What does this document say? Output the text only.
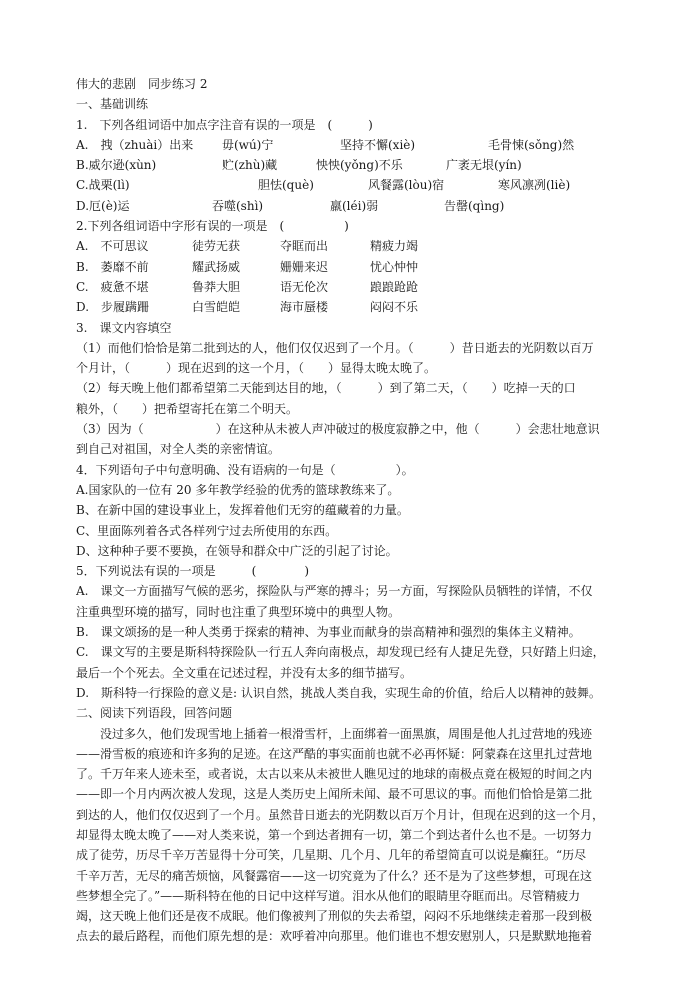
伟大的悲剧　同步练习 2
一、基础训练
1.　下列各组词语中加点字注音有误的一项是　(　　　)
A.　拽（zhuài）出来	毋(wú)宁	坚持不懈(xiè)	毛骨悚(sǒng)然
B.威尔逊(xùn)	贮(zhù)藏	怏怏(yǒng)不乐	广袤无垠(yín)
C.战栗(lì)	胆怯(què)	风餐露(lòu)宿	寒风凛冽(liè)
D.厄(è)运	吞噬(shì)	羸(léi)弱	告罄(qìng)
2.下列各组词语中字形有误的一项是　(　　　　　)
A.　不可思议	徒劳无获	夺眶而出	精疲力竭
B.　萎靡不前	耀武扬威	姗姗来迟	忧心忡忡
C.　疲惫不堪	鲁莽大胆	语无伦次	踉踉跄跄
D.　步履蹒跚	白雪皑皑	海市蜃楼	闷闷不乐
3.　课文内容填空
（1）而他们恰恰是第二批到达的人，他们仅仅迟到了一个月。（　　　）昔日逝去的光阴数以百万
个月计，（　　　）现在迟到的这一个月，（　　）显得太晚太晚了。
（2）每天晚上他们都希望第二天能到达目的地，（　　　）到了第二天，（　　）吃掉一天的口
粮外，（　　）把希望寄托在第二个明天。
（3）因为（　　　　　　）在这种从未被人声冲破过的极度寂静之中，他（　　　）会悲壮地意识
到自己对祖国，对全人类的亲密情谊。
4．下列语句子中句意明确、没有语病的一句是（　　　　　）。
A.国家队的一位有 20 多年教学经验的优秀的篮球教练来了。
B、在新中国的建设事业上，发挥着他们无穷的蕴藏着的力量。
C、里面陈列着各式各样列宁过去所使用的东西。
D、这种种子要不要换，在领导和群众中广泛的引起了讨论。
5．下列说法有误的一项是　　　(　　　　)
A.　课文一方面描写气候的恶劣，探险队与严寒的搏斗；另一方面，写探险队员牺牲的详情，不仅
注重典型环境的描写，同时也注重了典型环境中的典型人物。
B.　课文颂扬的是一种人类勇于探索的精神、为事业而献身的崇高精神和强烈的集体主义精神。
C.　课文写的主要是斯科特探险队一行五人奔向南极点，却发现已经有人捷足先登，只好踏上归途，
最后一个个死去。全文重在记述过程，并没有太多的细节描写。
D.　斯科特一行探险的意义是: 认识自然，挑战人类自我，实现生命的价值，给后人以精神的鼓舞。
二、阅读下列语段，回答问题
没过多久，他们发现雪地上插着一根滑雪杆，上面绑着一面黑旗，周围是他人扎过营地的残迹
——滑雪板的痕迹和许多狗的足迹。在这严酷的事实面前也就不必再怀疑：阿蒙森在这里扎过营地
了。千万年来人迹未至，或者说，太古以来从未被世人瞧见过的地球的南极点竟在极短的时间之内
——即一个月内两次被人发现，这是人类历史上闻所未闻、最不可思议的事。而他们恰恰是第二批
到达的人，他们仅仅迟到了一个月。虽然昔日逝去的光阴数以百万个月计，但现在迟到的这一个月，
却显得太晚太晚了——对人类来说，第一个到达者拥有一切，第二个到达者什么也不是。一切努力
成了徒劳，历尽千辛万苦显得十分可笑，几星期、几个月、几年的希望简直可以说是癫狂。“历尽
千辛万苦，无尽的痛苦烦恼，风餐露宿——这一切究竟为了什么？还不是为了这些梦想，可现在这
些梦想全完了。”——斯科特在他的日记中这样写道。泪水从他们的眼睛里夺眶而出。尽管精疲力
竭，这天晚上他们还是夜不成眠。他们像被判了刑似的失去希望，闷闷不乐地继续走着那一段到极
点去的最后路程，而他们原先想的是：欢呼着冲向那里。他们谁也不想安慰别人，只是默默地拖着
